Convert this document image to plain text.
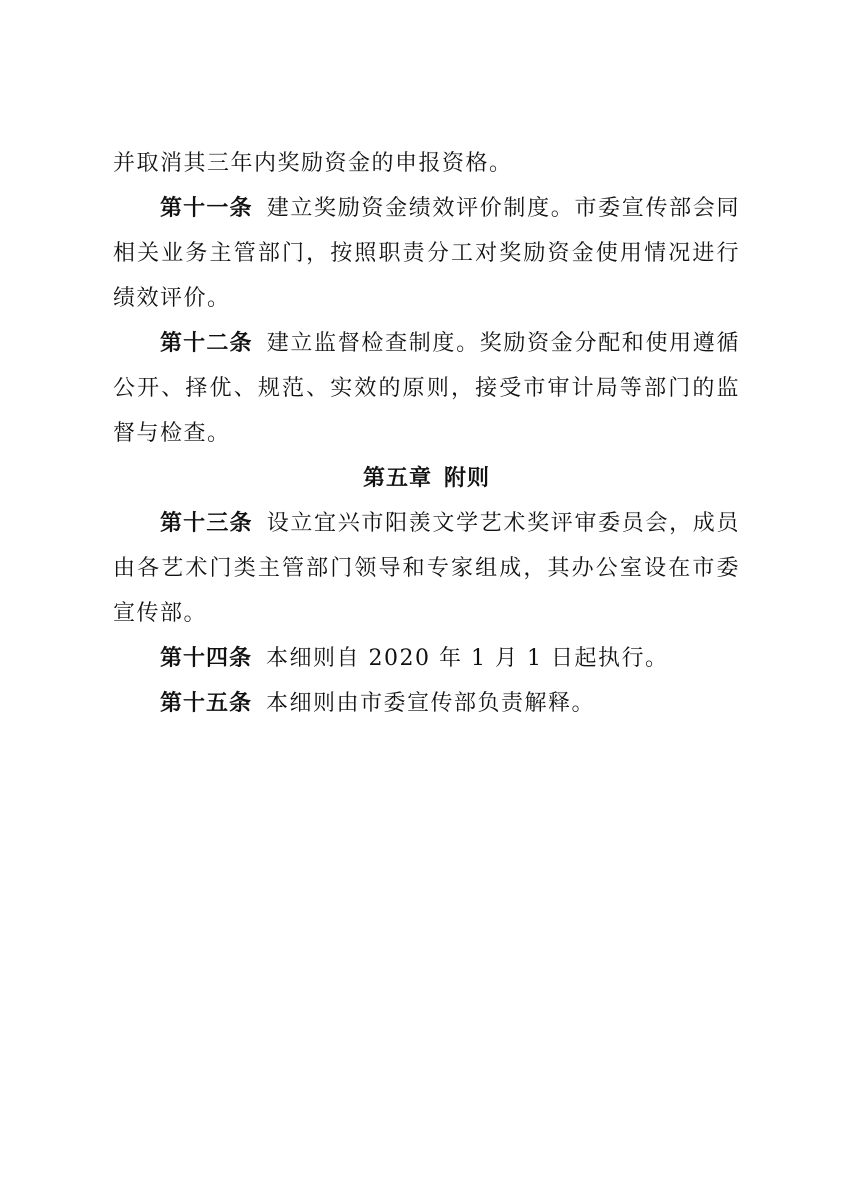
并取消其三年内奖励资金的申报资格。

第十一条 建立奖励资金绩效评价制度。市委宣传部会同相关业务主管部门，按照职责分工对奖励资金使用情况进行绩效评价。

第十二条 建立监督检查制度。奖励资金分配和使用遵循公开、择优、规范、实效的原则，接受市审计局等部门的监督与检查。

第五章 附则

第十三条 设立宜兴市阳羡文学艺术奖评审委员会，成员由各艺术门类主管部门领导和专家组成，其办公室设在市委宣传部。

第十四条 本细则自 2020 年 1 月 1 日起执行。

第十五条 本细则由市委宣传部负责解释。
